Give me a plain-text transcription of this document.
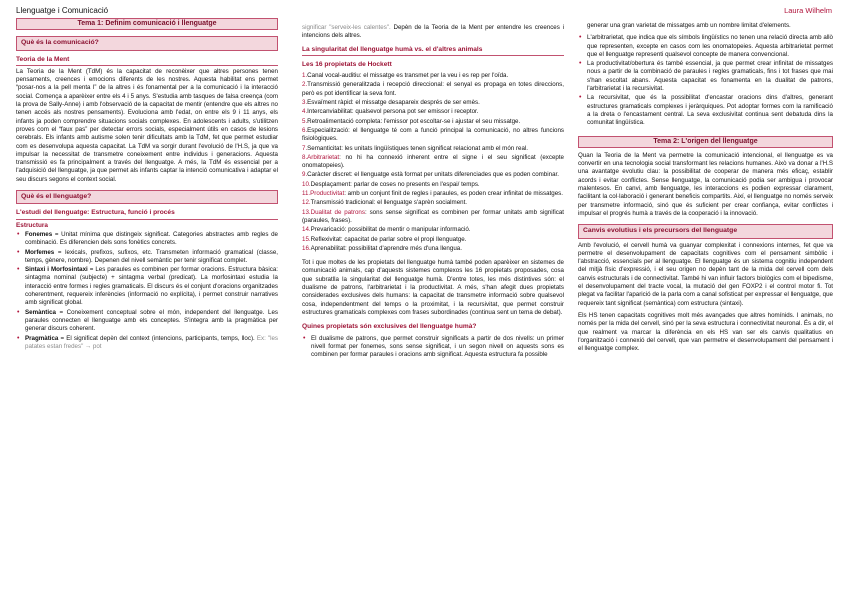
Llenguatge i Comunicació	Laura Wilhelm
Tema 1: Definim comunicació i llenguatge
Què és la comunicació?
Teoria de la Ment

La Teoria de la Ment (TdM) és la capacitat de reconèixer que altres persones tenen pensaments, creences i emocions diferents de les nostres. Aquesta habilitat ens permet “posar-nos a la pell menta l” de la altres i és fonamental per a la comunicació i la interacció social. Comença a aparèixer entre els 4 i 5 anys. S'estudia amb tasques de falsa creença (com la prova de Sally-Anne) i amb l'observació de la capacitat de mentir (entendre que els altres no tenen accés als nostres pensaments). Evoluciona amb l'edat, on entre els 9 i 11 anys, els infants ja poden comprendre situacions socials complexes. En adolescents i adults, s'utilitzen proves com el “faux pas” per detectar errors socials, especialment útils en casos de lesions cerebrals. Els infants amb autisme solen tenir dificultats amb la TdM, fet que permet estudiar com es desenvolupa aquesta capacitat. La TdM va sorgir durant l'evolució de l'H.S, ja que va impulsar la necessitat de transmetre coneixement entre individus i generacions. Aquesta transmissió es fa principalment a través del llenguatge. A més, la TdM és essencial per a l'adquisició del llenguatge, ja que permet als infants captar la intenció comunicativa i adaptar el seu discurs segons el context social.

Què és el llenguatge?
L'estudi del llenguatge: Estructura, funció i procés
Estructura
• Fonemes = Unitat mínima que distingeix significat. Categories abstractes amb regles de combinació. Es diferencien dels sons fonètics concrets.
• Morfemes = lexicals, prefixos, sufixos, etc. Transmeten informació gramatical (classe, temps, gènere, nombre). Depenen del nivell semàntic per tenir significat complet.
• Sintaxi i Morfosintaxi = Les paraules es combinen per formar oracions. Estructura bàsica: sintagma nominal (subjecte) + sintagma verbal (predicat). La morfosintaxi estudia la interacció entre formes i regles gramaticals. El discurs és el conjunt d'oracions organitzades coherentment, requereix inferències (informació no explícita), i permet construir narratives amb significat global.
• Semàntica = Coneixement conceptual sobre el món, independent del llenguatge. Les paraules connecten el llenguatge amb els conceptes. S'integra amb la pragmàtica per generar discurs coherent.
• Pragmàtica = El significat depèn del context (intencions, participants, temps, lloc). Ex: "les patates estan fredes" → pot

significar "serveix-les calentes". Depèn de la Teoria de la Ment per entendre les creences i intencions dels altres.

La singularitat del llenguatge humà vs. el d'altres animals
Les 16 propietats de Hockett
1.Canal vocal-auditiu: el missatge es transmet per la veu i es rep per l'oïda.
2.Transmissió generalitzada i recepció direccional: el senyal es propaga en totes direccions, però es pot identificar la seva font.
3.Esvaïment ràpid: el missatge desapareix després de ser emès.
4.Intercanviabilitat: qualsevol persona pot ser emissor i receptor.
5.Retroalimentació completa: l'emissor pot escoltar-se i ajustar el seu missatge.
6.Especialització: el llenguatge té com a funció principal la comunicació, no altres funcions fisiològiques.
7.Semanticitat: les unitats lingüístiques tenen significat relacionat amb el món real.
8.Arbitrarietat: no hi ha connexió inherent entre el signe i el seu significat (excepte onomatopeies).
9.Caràcter discret: el llenguatge està format per unitats diferenciades que es poden combinar.
10.Desplaçament: parlar de coses no presents en l'espai/ temps.
11.Productivitat: amb un conjunt finit de regles i paraules, es poden crear infinitat de missatges.
12.Transmissió tradicional: el llenguatge s'aprèn socialment.
13.Dualitat de patrons: sons sense significat es combinen per formar unitats amb significat (paraules, frases).
14.Prevaricació: possibilitat de mentir o manipular informació.
15.Reflexivitat: capacitat de parlar sobre el propi llenguatge.
16.Aprenabilitat: possibilitat d'aprendre més d'una llengua.

Tot i que moltes de les propietats del llenguatge humà també poden aparèixer en sistemes de comunicació animals, cap d'aquests sistemes complexos les 16 propietats proposades, cosa que subratlla la singularitat del llenguatge humà. D'entre totes, les més distintives són: el dualisme de patrons, l'arbitrarietat i la productivitat. A més, s'han afegit dues propietats considerades exclusives dels humans: la capacitat de transmetre informació sobre qualsevol cosa, independentment del temps o la proximitat, i la recursivitat, que permet construir estructures gramaticals complexes com frases subordinades (continua sent un tema de debat).

Quines propietats són exclusives del llenguatge humà?
• El dualisme de patrons, que permet construir significats a partir de dos nivells: un primer nivell format per fonemes, sons sense significat, i un segon nivell on aquests sons es combinen per formar paraules i oracions amb significat. Aquesta estructura fa possible

generar una gran varietat de missatges amb un nombre limitat d'elements.

• L'arbitrarietat, que indica que els símbols lingüístics no tenen una relació directa amb allò que representen, excepte en casos com les onomatopeies. Aquesta arbitrarietat permet que el llenguatge representi qualsevol concepte de manera convencional.
• La productivitat/obertura és també essencial, ja que permet crear infinitat de missatges nous a partir de la combinació de paraules i regles gramaticals, fins i tot frases que mai s'han escoltat abans. Aquesta capacitat es fonamenta en la dualitat de patrons, l'arbitrarietat i la recursivitat.
• La recursivitat, que és la possibilitat d'encastar oracions dins d'altres, generant estructures gramaticals complexes i jeràrquiques. Pot adoptar formes com la ramificació a la dreta o l'encastament central. La seva exclusivitat continua sent debatuda dins la comunitat lingüística.
Tema 2: L'origen del llenguatge

Quan la Teoria de la Ment va permetre la comunicació intencional, el llenguatge es va convertir en una tecnologia social transformant les relacions humanes. Això va donar a l'H.S una avantatge evolutiu clau: la possibilitat de cooperar de manera més eficaç, establir acords i evitar conflictes. Sense llenguatge, la comunicació podia ser ambigua i provocar malentesos. En canvi, amb llenguatge, les interaccions es podien expressar clarament, facilitant la col·laboració i generant beneficis compartits. Així, el llenguatge no només serveix per transmetre informació, sinó que és suficient per crear confiança, evitar conflictes i impulsar el progrés humà a través de la cooperació i la innovació.

Canvis evolutius i els precursors del llenguatge

Amb l'evolució, el cervell humà va guanyar complexitat i connexions internes, fet que va permetre el desenvolupament de capacitats cognitives com el pensament simbòlic i l'abstracció, essencials per al llenguatge. El llenguatge és un sistema cognitiu independent del mitjà físic d'expressió, i el seu origen no depèn tant de la mida del cervell com dels canvis estructurals i de connectivitat. També hi van influir factors biològics com el bipedisme, el desenvolupament del tracte vocal, la mutació del gen FOXP2 i el control motor fi. Tot plegat va facilitar l'aparició de la parla com a canal sofisticat per expressar el llenguatge, que requereix tant significat (semàntica) com estructura (sintaxi).

Els HS tenen capacitats cognitives molt més avançades que altres homínids. I animals, no només per la mida del cervell, sinó per la seva estructura i connectivitat neuronal. És a dir, el que realment va marcar la diferència en els HS van ser els canvis qualitatius en l'organització i connexió del cervell, que van permetre el desenvolupament del pensament i el llenguatge complex.
